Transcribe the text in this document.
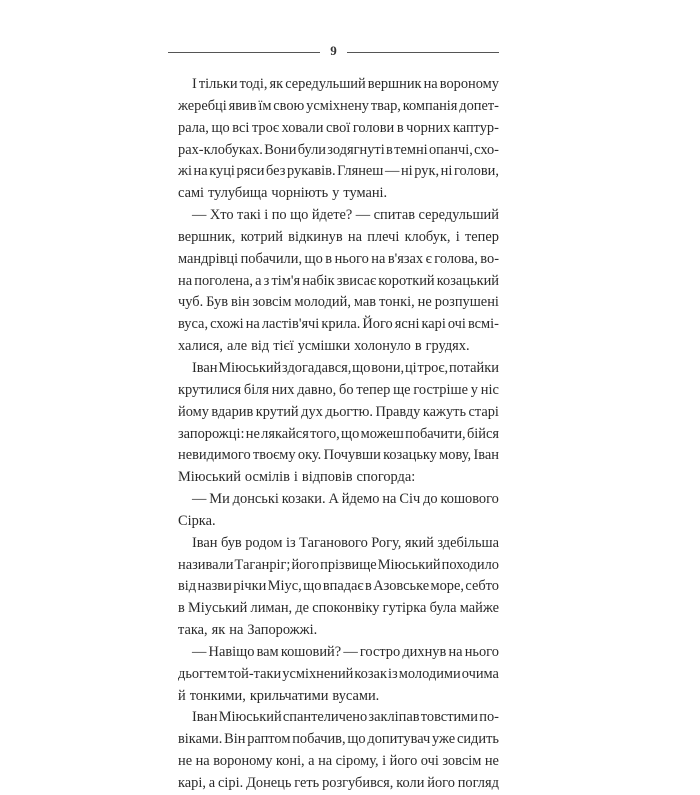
9
І тільки тоді, як середульший вершник на вороному
жеребці явив їм свою усміхнену твар, компанія допет-
рала, що всі троє ховали свої голови в чорних каптур-
рах-клобуках. Вони були зодягнуті в темні опанчі, схо-
жі на куці ряси без рукавів. Глянеш — ні рук, ні голови,
самі тулубища чорніють у тумані.
— Хто такі і по що йдете? — спитав середульший
вершник, котрий відкинув на плечі клобук, і тепер
мандрівці побачили, що в нього на в'язах є голова, во-
на поголена, а з тім'я набік звисає короткий козацький
чуб. Був він зовсім молодий, мав тонкі, не розпушені
вуса, схожі на ластів'ячі крила. Його ясні карі очі всмі-
халися, але від тієї усмішки холонуло в грудях.
Іван Міюський здогадався, що вони, ці троє, потайки
крутилися біля них давно, бо тепер ще гостріше у ніс
йому вдарив крутий дух дьогтю. Правду кажуть старі
запорожці: не лякайся того, що можеш побачити, бійся
невидимого твоєму оку. Почувши козацьку мову, Іван
Міюський осмілів і відповів спогорда:
— Ми донські козаки. А йдемо на Січ до кошового
Сірка.
Іван був родом із Таганового Рогу, який здебільша
називали Таганріг; його прізвище Міюський походило
від назви річки Міус, що впадає в Азовське море, себто
в Міуський лиман, де споконвіку гутірка була майже
така, як на Запорожжі.
— Навіщо вам кошовий? — гостро дихнув на нього
дьогтем той-таки усміхнений козак із молодими очима
й тонкими, крильчатими вусами.
Іван Міюський спантеличено закліпав товстими по-
віками. Він раптом побачив, що допитувач уже сидить
не на вороному коні, а на сірому, і його очі зовсім не
карі, а сірі. Донець геть розгубився, коли його погляд
